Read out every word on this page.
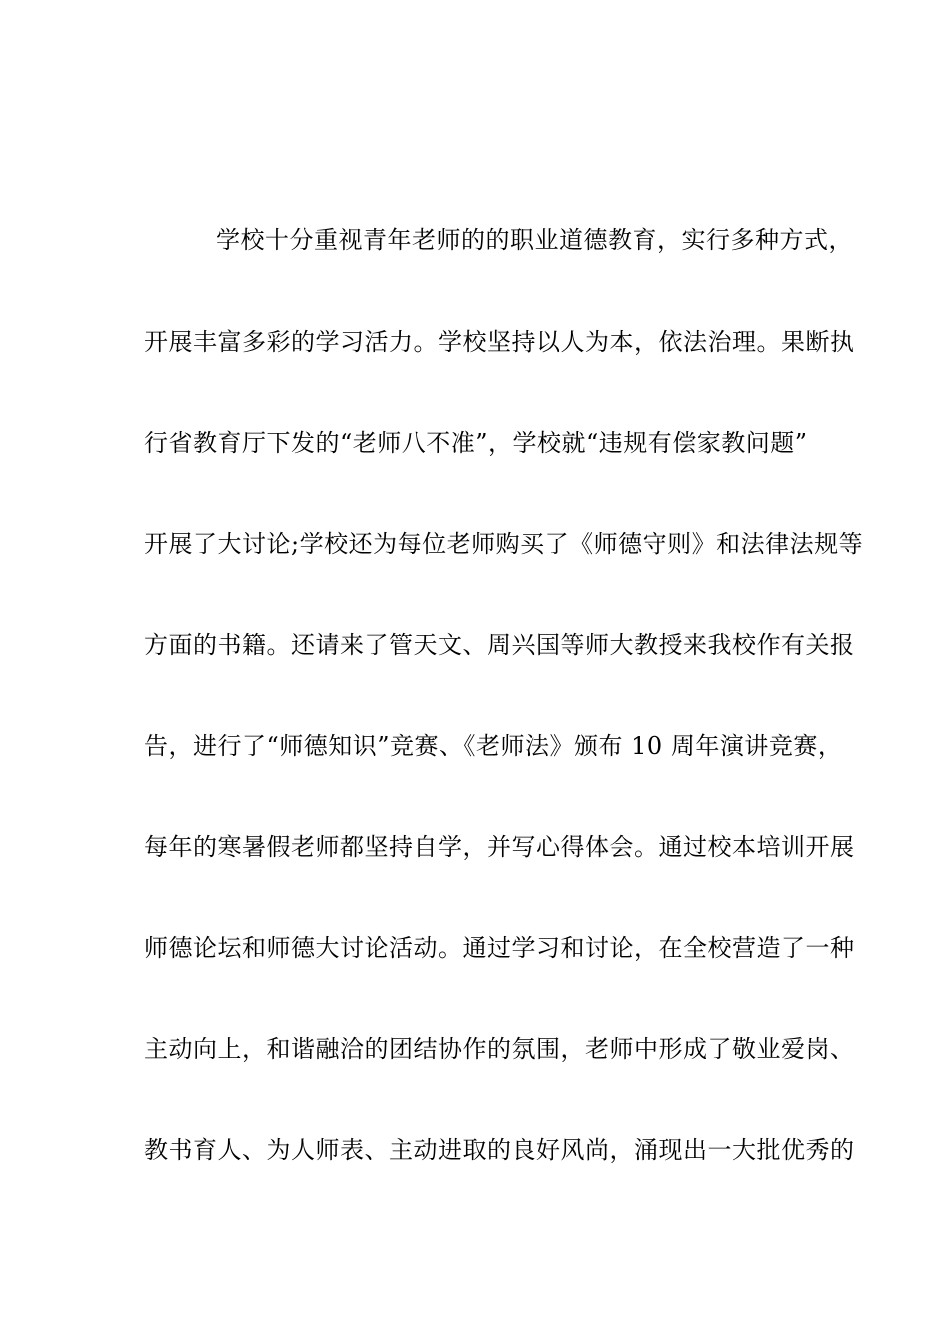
学校十分重视青年老师的的职业道德教育，实行多种方式，
开展丰富多彩的学习活力。学校坚持以人为本，依法治理。果断执
行省教育厅下发的“老师八不准”，学校就“违规有偿家教问题”
开展了大讨论;学校还为每位老师购买了《师德守则》和法律法规等
方面的书籍。还请来了管天文、周兴国等师大教授来我校作有关报
告，进行了“师德知识”竞赛、《老师法》颁布 10 周年演讲竞赛，
每年的寒暑假老师都坚持自学，并写心得体会。通过校本培训开展
师德论坛和师德大讨论活动。通过学习和讨论，在全校营造了一种
主动向上，和谐融洽的团结协作的氛围，老师中形成了敬业爱岗、
教书育人、为人师表、主动进取的良好风尚，涌现出一大批优秀的
